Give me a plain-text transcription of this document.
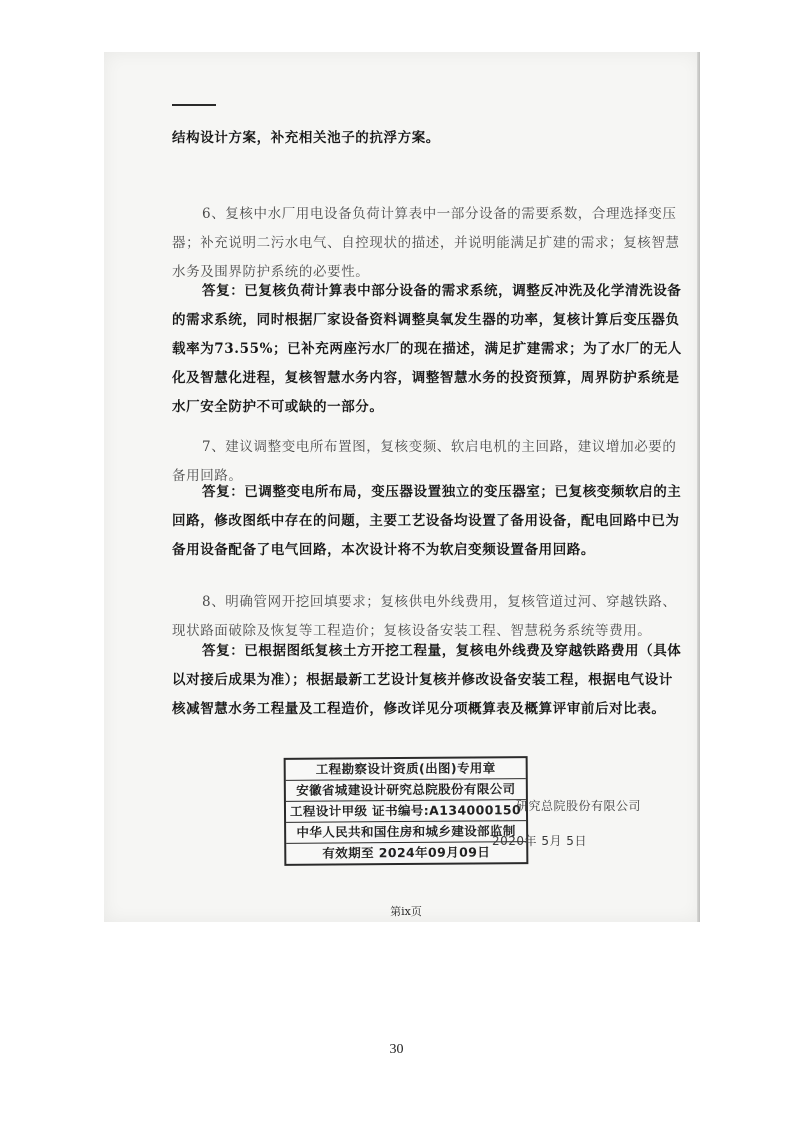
结构设计方案，补充相关池子的抗浮方案。

6、复核中水厂用电设备负荷计算表中一部分设备的需要系数，合理选择变压器；补充说明二污水电气、自控现状的描述，并说明能满足扩建的需求；复核智慧水务及围界防护系统的必要性。

答复：已复核负荷计算表中部分设备的需求系统，调整反冲洗及化学清洗设备的需求系统，同时根据厂家设备资料调整臭氧发生器的功率，复核计算后变压器负载率为73.55%；已补充两座污水厂的现在描述，满足扩建需求；为了水厂的无人化及智慧化进程，复核智慧水务内容，调整智慧水务的投资预算，周界防护系统是水厂安全防护不可或缺的一部分。

7、建议调整变电所布置图，复核变频、软启电机的主回路，建议增加必要的备用回路。

答复：已调整变电所布局，变压器设置独立的变压器室；已复核变频软启的主回路，修改图纸中存在的问题，主要工艺设备均设置了备用设备，配电回路中已为备用设备配备了电气回路，本次设计将不为软启变频设置备用回路。

8、明确管网开挖回填要求；复核供电外线费用，复核管道过河、穿越铁路、现状路面破除及恢复等工程造价；复核设备安装工程、智慧税务系统等费用。

答复：已根据图纸复核土方开挖工程量，复核电外线费及穿越铁路费用（具体以对接后成果为准）；根据最新工艺设计复核并修改设备安装工程，根据电气设计核减智慧水务工程量及工程造价，修改详见分项概算表及概算评审前后对比表。

工程勘察设计资质(出图)专用章
安徽省城建设计研究总院股份有限公司
工程设计甲级 证书编号:A134000150
中华人民共和国住房和城乡建设部监制
有效期至 2024年09月09日
研究总院股份有限公司
2020年 5月 5日
第ix页
30
